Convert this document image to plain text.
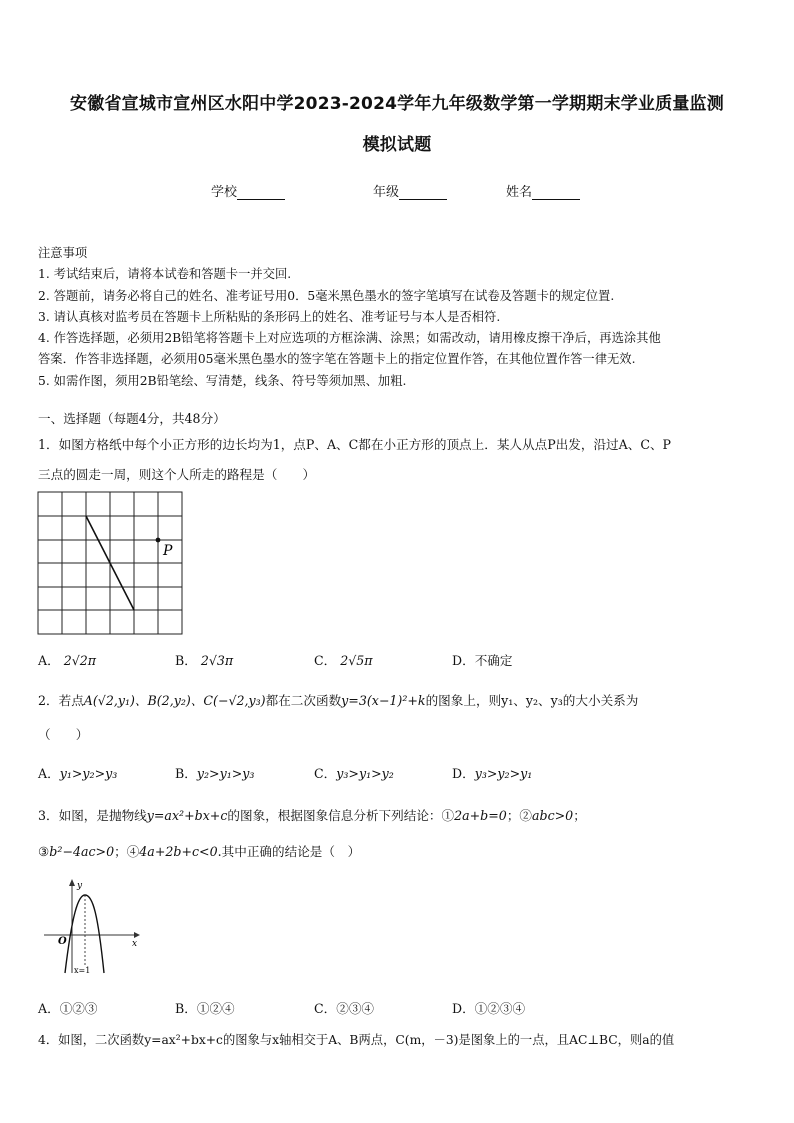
安徽省宣城市宣州区水阳中学2023-2024学年九年级数学第一学期期末学业质量监测
模拟试题
学校	年级	姓名

注意事项

1. 考试结束后，请将本试卷和答题卡一并交回.

2. 答题前，请务必将自己的姓名、准考证号用0．5毫米黑色墨水的签字笔填写在试卷及答题卡的规定位置.

3. 请认真核对监考员在答题卡上所粘贴的条形码上的姓名、准考证号与本人是否相符.

4. 作答选择题，必须用2B铅笔将答题卡上对应选项的方框涂满、涂黑；如需改动，请用橡皮擦干净后，再选涂其他

答案．作答非选择题，必须用05毫米黑色墨水的签字笔在答题卡上的指定位置作答，在其他位置作答一律无效.

5. 如需作图，须用2B铅笔绘、写清楚，线条、符号等须加黑、加粗.

一、选择题（每题4分，共48分）
1．如图方格纸中每个小正方形的边长均为1，点P、A、C都在小正方形的顶点上．某人从点P出发，沿过A、C、P
三点的圆走一周，则这个人所走的路程是（　　）
P
A． 2√2π	B． 2√3π	C． 2√5π	D．不确定
2．若点A(√2,y₁)、B(2,y₂)、C(−√2,y₃)都在二次函数y=3(x−1)²+k的图象上，则y₁、y₂、y₃的大小关系为
（　　）
A．y₁>y₂>y₃	B．y₂>y₁>y₃	C．y₃>y₁>y₂	D．y₃>y₂>y₁
3．如图，是抛物线y=ax²+bx+c的图象，根据图象信息分析下列结论：①2a+b=0；②abc>0；
③b²−4ac>0；④4a+2b+c<0.其中正确的结论是（　）
y
x
O
x=1
A．①②③	B．①②④	C．②③④	D．①②③④
4．如图，二次函数y=ax²+bx+c的图象与x轴相交于A、B两点，C(m，－3)是图象上的一点，且AC⊥BC，则a的值
